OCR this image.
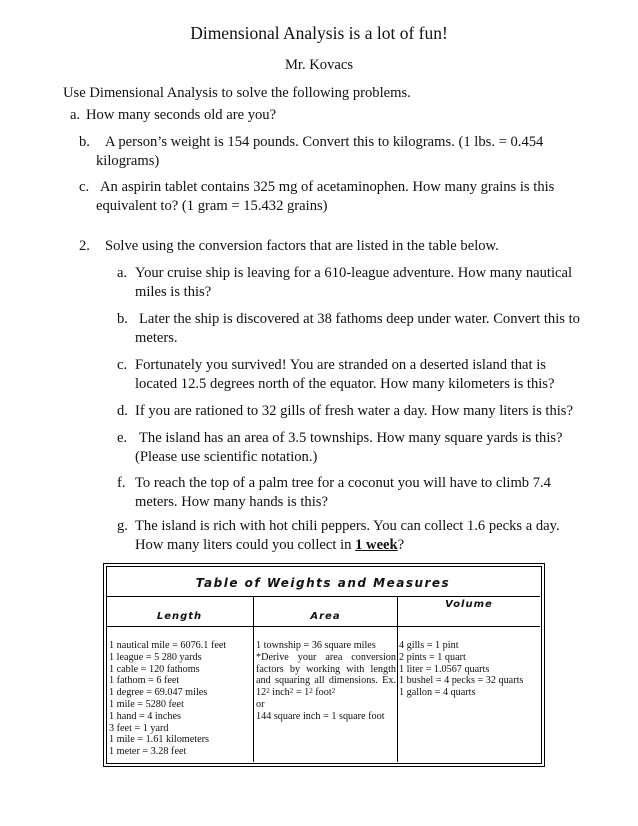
Dimensional Analysis is a lot of fun!
Mr. Kovacs
Use Dimensional Analysis to solve the following problems.
a. How many seconds old are you?
b. A person’s weight is 154 pounds. Convert this to kilograms. (1 lbs. = 0.454
kilograms)
c. An aspirin tablet contains 325 mg of acetaminophen. How many grains is this
equivalent to? (1 gram = 15.432 grains)
2. Solve using the conversion factors that are listed in the table below.
a. Your cruise ship is leaving for a 610-league adventure. How many nautical
miles is this?
b. Later the ship is discovered at 38 fathoms deep under water. Convert this to
meters.
c. Fortunately you survived! You are stranded on a deserted island that is
located 12.5 degrees north of the equator. How many kilometers is this?
d. If you are rationed to 32 gills of fresh water a day. How many liters is this?
e. The island has an area of 3.5 townships. How many square yards is this?
(Please use scientific notation.)
f. To reach the top of a palm tree for a coconut you will have to climb 7.4
meters. How many hands is this?
g. The island is rich with hot chili peppers. You can collect 1.6 pecks a day.
How many liters could you collect in 1 week?
Table of Weights and Measures
Length	Area
Volume
1 nautical mile = 6076.1 feet
1 league = 5 280 yards
1 cable = 120 fathoms
1 fathom = 6 feet
1 degree = 69.047 miles
1 mile = 5280 feet
1 hand = 4 inches
3 feet = 1 yard
1 mile = 1.61 kilometers
1 meter = 3.28 feet
1 township = 36 square miles
*Derive your area conversion
factors by working with length
and squaring all dimensions. Ex.
$12^2$ inch$^2$ = $1^2$ foot$^2$
or
144 square inch = 1 square foot
4 gills = 1 pint
2 pints = 1 quart
1 liter = 1.0567 quarts
1 bushel = 4 pecks = 32 quarts
1 gallon = 4 quarts
